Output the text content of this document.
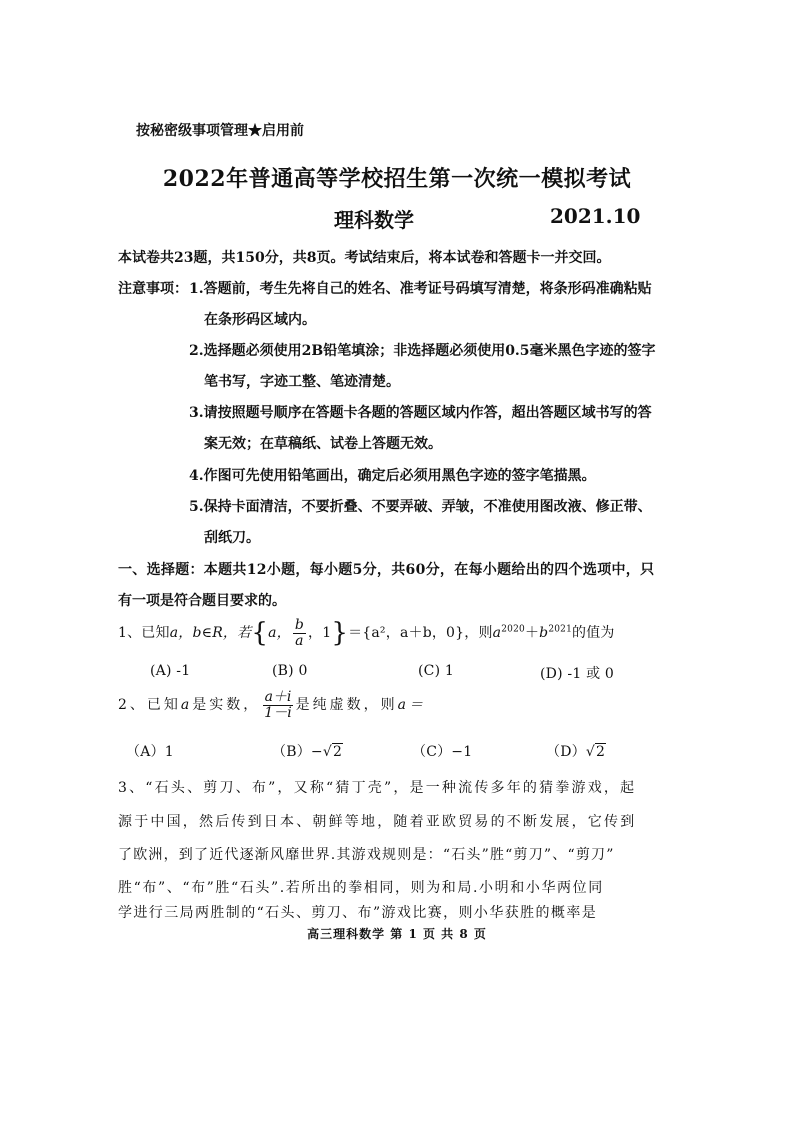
按秘密级事项管理★启用前
2022年普通高等学校招生第一次统一模拟考试
理科数学	2021.10
本试卷共23题，共150分，共8页。考试结束后，将本试卷和答题卡一并交回。
注意事项： 1.答题前，考生先将自己的姓名、准考证号码填写清楚，将条形码准确粘贴
在条形码区域内。
2.选择题必须使用2B铅笔填涂；非选择题必须使用0.5毫米黑色字迹的签字
笔书写，字迹工整、笔迹清楚。
3.请按照题号顺序在答题卡各题的答题区域内作答，超出答题区域书写的答
案无效；在草稿纸、试卷上答题无效。
4.作图可先使用铅笔画出，确定后必须用黑色字迹的签字笔描黑。
5.保持卡面清洁，不要折叠、不要弄破、弄皱，不准使用图改液、修正带、
刮纸刀。
一、选择题：本题共12小题，每小题5分，共60分，在每小题给出的四个选项中，只
有一项是符合题目要求的。
1、已知a，b∈R，若{a， $\frac{b}{a}$ ，1}＝{a²，a＋b，0}，则$a^{2020}+b^{2021}$的值为
(A) -1	(B) 0	(C) 1	(D) -1 或 0
2、已知a是实数， $\frac{a+i}{1-i}$ 是纯虚数，则a＝
（A）1	（B）−√2	（C）−1	（D）√2
3、“石头、剪刀、布”，又称“猜丁壳”，是一种流传多年的猜拳游戏，起
源于中国，然后传到日本、朝鲜等地，随着亚欧贸易的不断发展，它传到
了欧洲，到了近代逐渐风靡世界.其游戏规则是：“石头”胜“剪刀”、“剪刀”
胜“布”、“布”胜“石头”.若所出的拳相同，则为和局.小明和小华两位同
学进行三局两胜制的“石头、剪刀、布”游戏比赛，则小华获胜的概率是
高三理科数学 第 1 页 共 8 页
